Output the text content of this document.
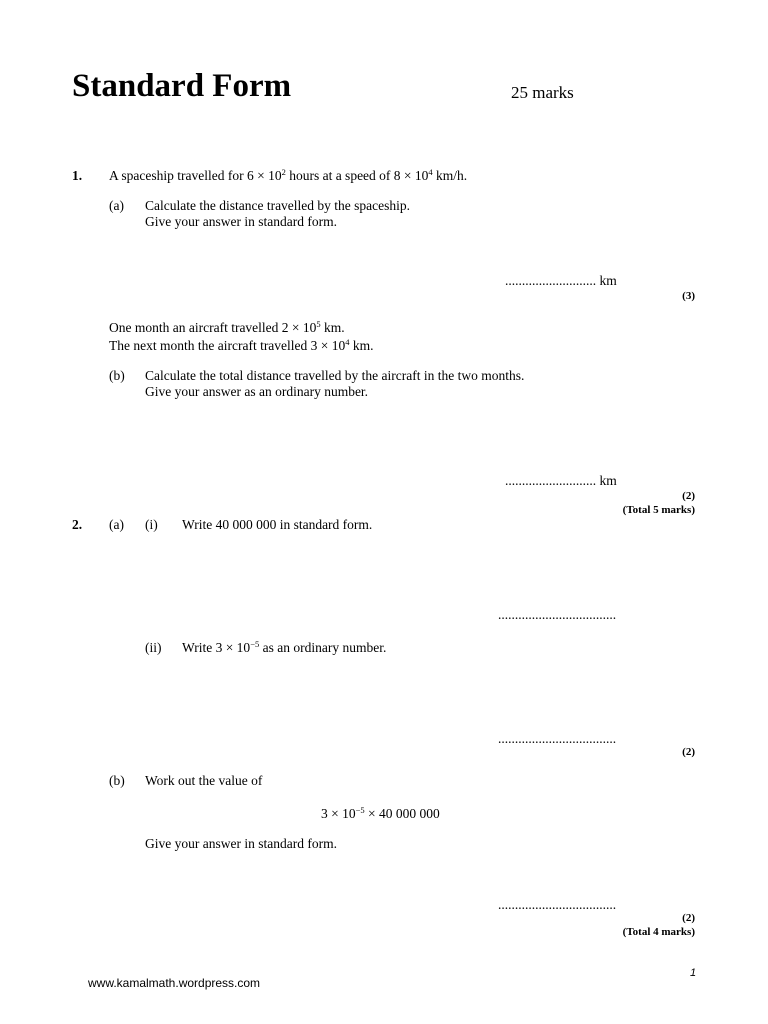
Standard Form	25 marks
1. A spaceship travelled for $6 \times 10^2$ hours at a speed of $8 \times 10^4$ km/h.
(a) Calculate the distance travelled by the spaceship.
Give your answer in standard form.
........................... km
(3)
One month an aircraft travelled $2 \times 10^5$ km.
The next month the aircraft travelled $3 \times 10^4$ km.
(b) Calculate the total distance travelled by the aircraft in the two months.
Give your answer as an ordinary number.
........................... km
(2)
(Total 5 marks)
2. (a) (i) Write 40 000 000 in standard form.
...................................
(ii) Write $3 \times 10^{-5}$ as an ordinary number.
...................................
(2)
(b) Work out the value of
$3 \times 10^{-5} \times 40$ 000 000
Give your answer in standard form.
...................................
(2)
(Total 4 marks)
1
www.kamalmath.wordpress.com
